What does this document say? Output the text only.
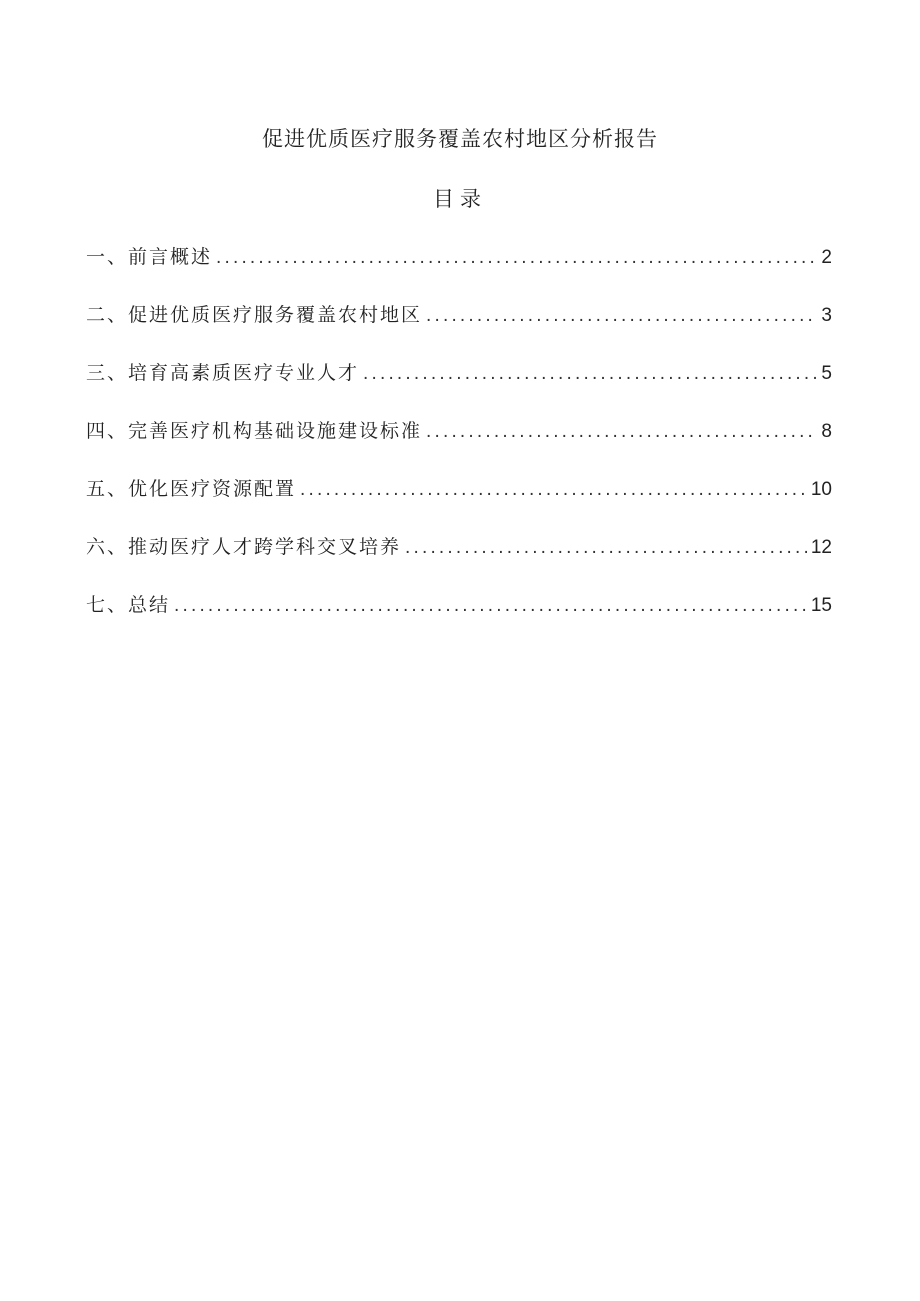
促进优质医疗服务覆盖农村地区分析报告
目录
一、前言概述 .....	2
二、促进优质医疗服务覆盖农村地区 .....	3
三、培育高素质医疗专业人才 .....	5
四、完善医疗机构基础设施建设标准 .....	8
五、优化医疗资源配置 .....	10
六、推动医疗人才跨学科交叉培养 .....	12
七、总结 .....	15
